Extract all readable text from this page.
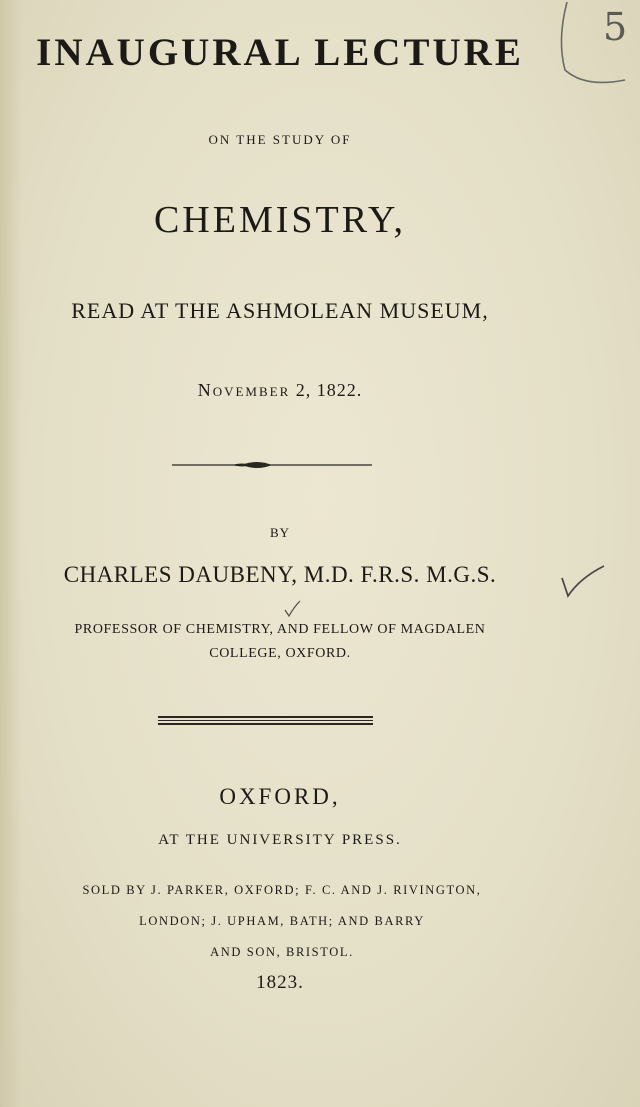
INAUGURAL LECTURE
ON THE STUDY OF
CHEMISTRY,
READ AT THE ASHMOLEAN MUSEUM,
November 2, 1822.
BY
CHARLES DAUBENY, M.D. F.R.S. M.G.S.
PROFESSOR OF CHEMISTRY, AND FELLOW OF MAGDALEN
COLLEGE, OXFORD.
OXFORD,
AT THE UNIVERSITY PRESS.
SOLD BY J. PARKER, OXFORD; F. C. AND J. RIVINGTON,
LONDON; J. UPHAM, BATH; AND BARRY
AND SON, BRISTOL.
1823.
5
